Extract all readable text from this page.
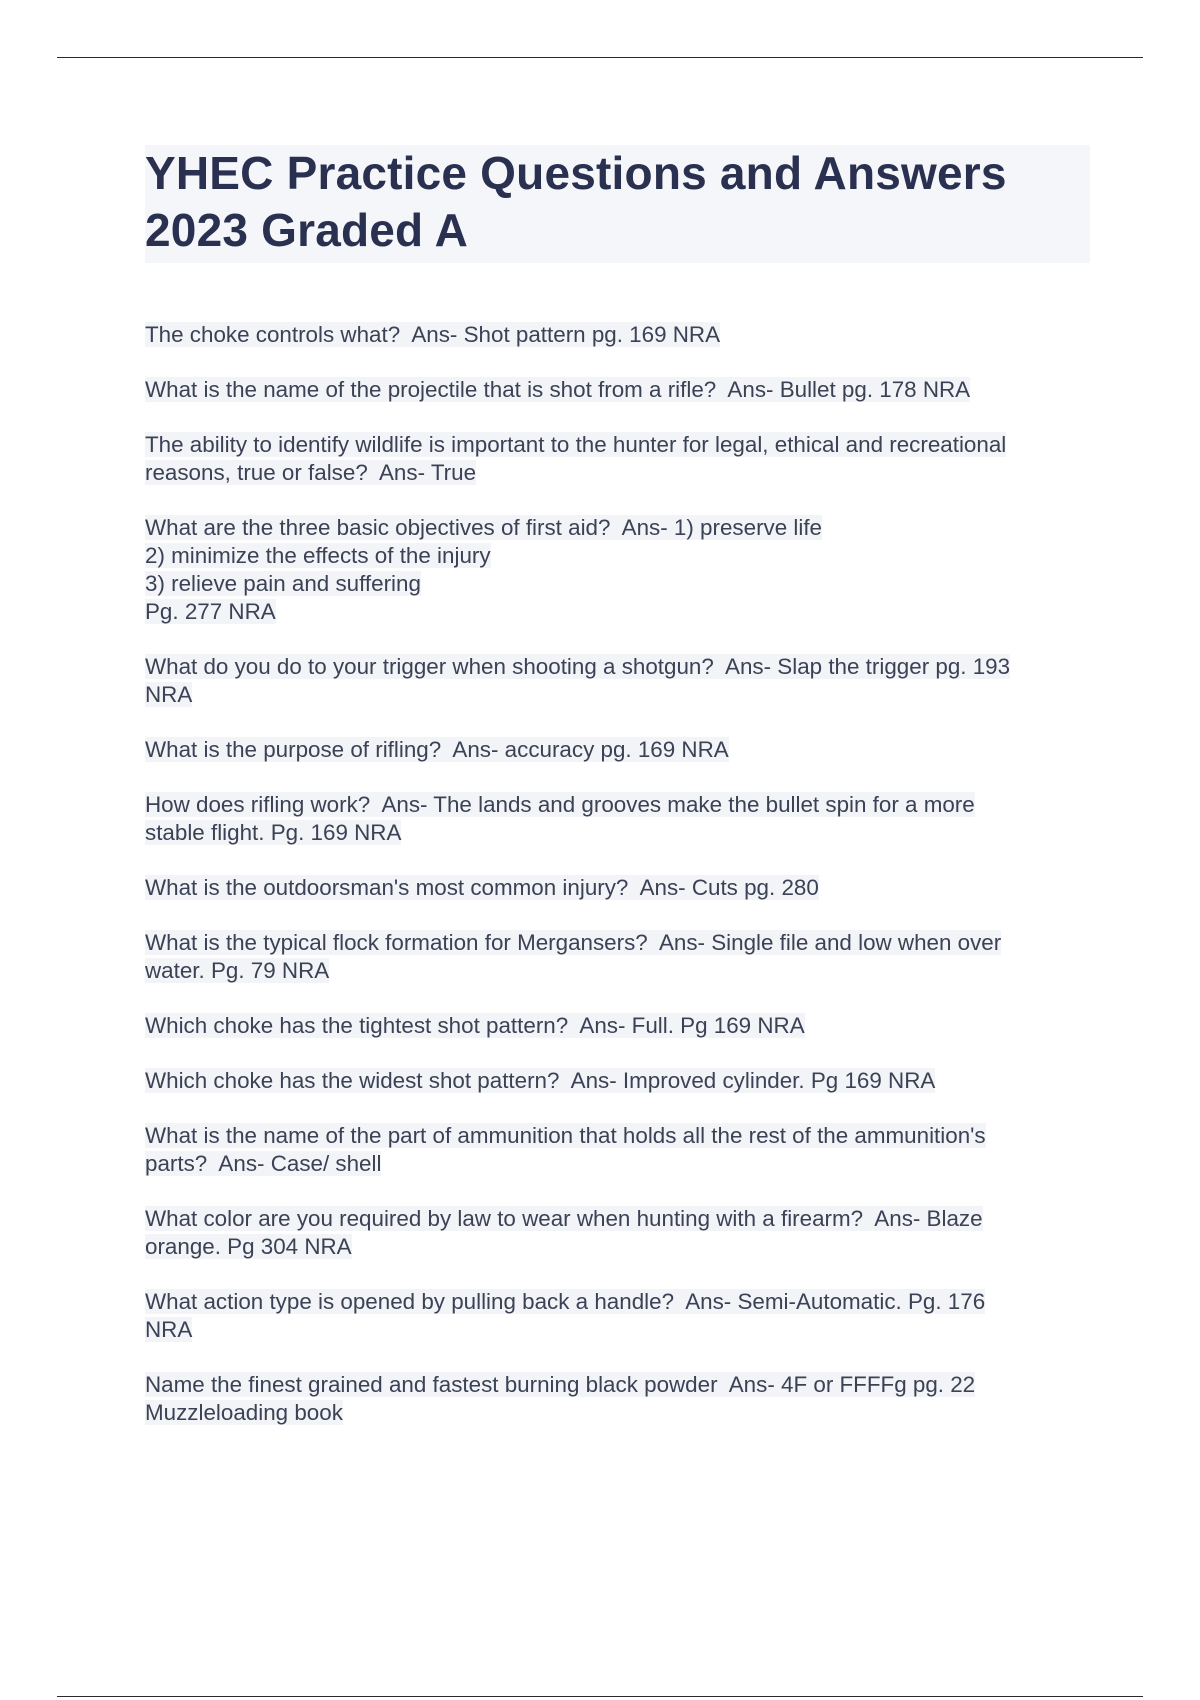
YHEC Practice Questions and Answers
2023 Graded A
The choke controls what?  Ans- Shot pattern pg. 169 NRA
What is the name of the projectile that is shot from a rifle?  Ans- Bullet pg. 178 NRA
The ability to identify wildlife is important to the hunter for legal, ethical and recreational
reasons, true or false?  Ans- True
What are the three basic objectives of first aid?  Ans- 1) preserve life
2) minimize the effects of the injury
3) relieve pain and suffering
Pg. 277 NRA
What do you do to your trigger when shooting a shotgun?  Ans- Slap the trigger pg. 193
NRA
What is the purpose of rifling?  Ans- accuracy pg. 169 NRA
How does rifling work?  Ans- The lands and grooves make the bullet spin for a more
stable flight. Pg. 169 NRA
What is the outdoorsman's most common injury?  Ans- Cuts pg. 280
What is the typical flock formation for Mergansers?  Ans- Single file and low when over
water. Pg. 79 NRA
Which choke has the tightest shot pattern?  Ans- Full. Pg 169 NRA
Which choke has the widest shot pattern?  Ans- Improved cylinder. Pg 169 NRA
What is the name of the part of ammunition that holds all the rest of the ammunition's
parts?  Ans- Case/ shell
What color are you required by law to wear when hunting with a firearm?  Ans- Blaze
orange. Pg 304 NRA
What action type is opened by pulling back a handle?  Ans- Semi-Automatic. Pg. 176
NRA
Name the finest grained and fastest burning black powder  Ans- 4F or FFFFg pg. 22
Muzzleloading book
